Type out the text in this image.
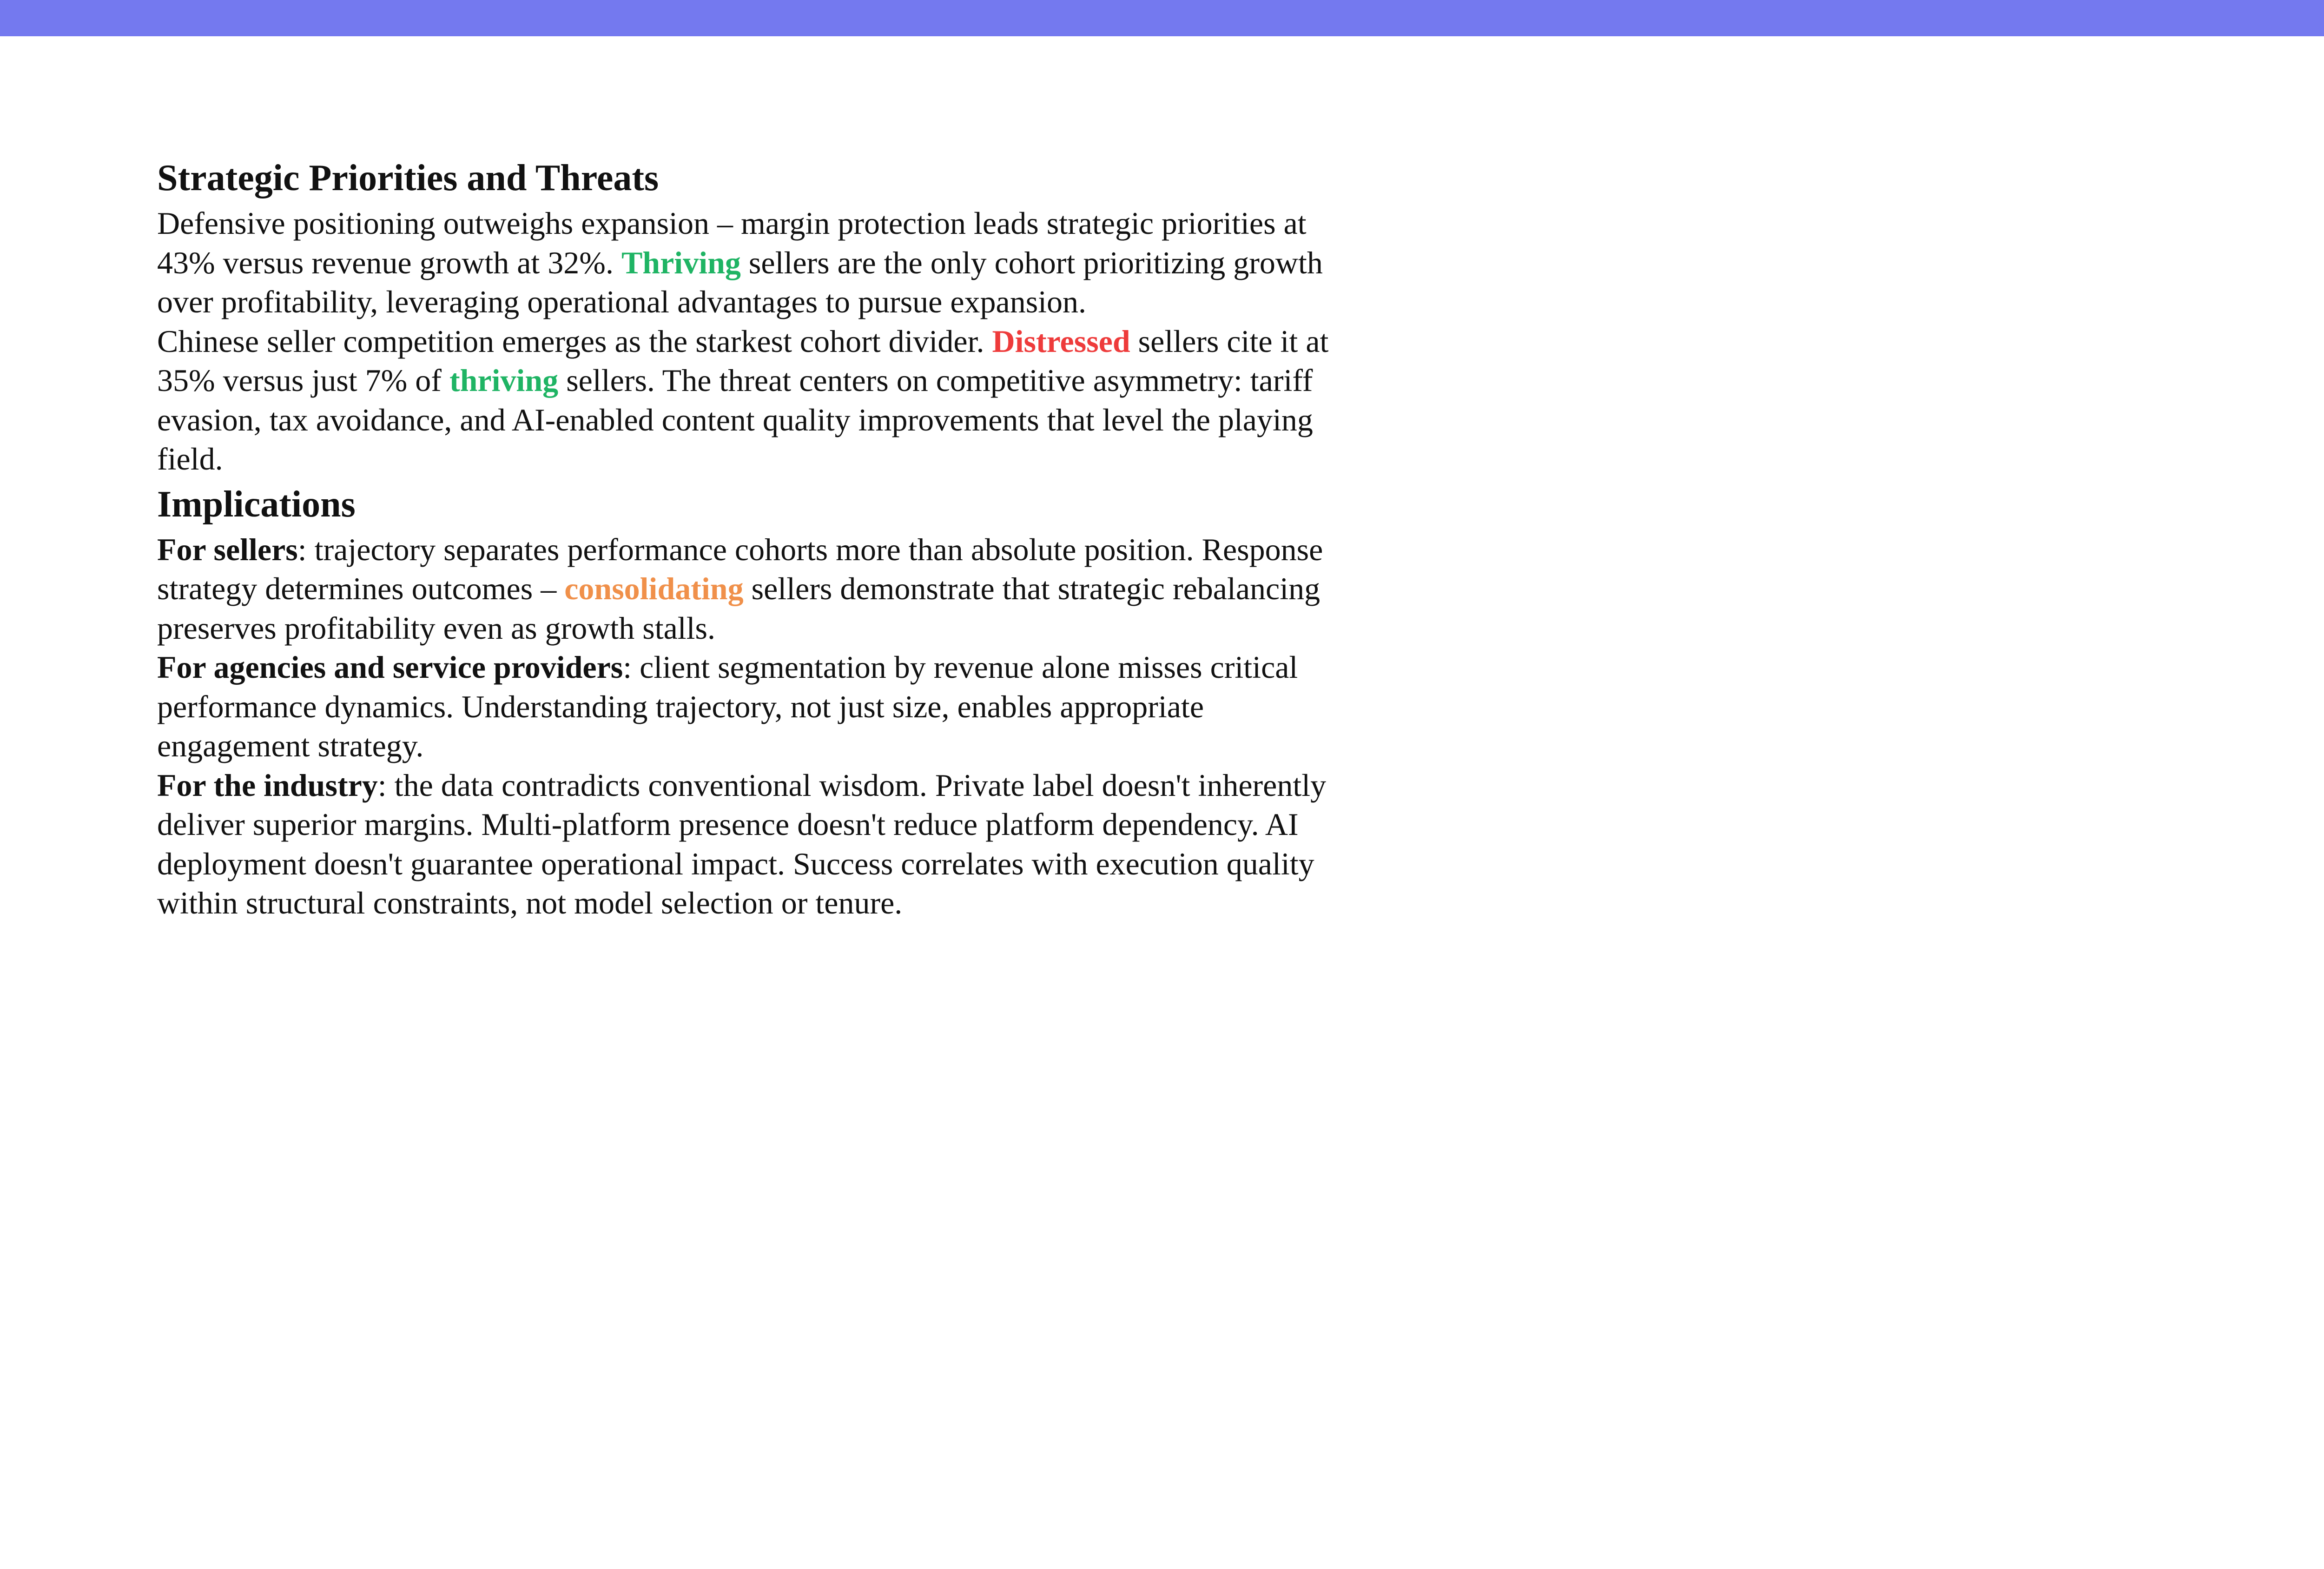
Strategic Priorities and Threats

Defensive positioning outweighs expansion – margin protection leads strategic priorities at 43% versus revenue growth at 32%. Thriving sellers are the only cohort prioritizing growth over profitability, leveraging operational advantages to pursue expansion.

Chinese seller competition emerges as the starkest cohort divider. Distressed sellers cite it at 35% versus just 7% of thriving sellers. The threat centers on competitive asymmetry: tariff evasion, tax avoidance, and AI-enabled content quality improvements that level the playing field.

Implications

For sellers: trajectory separates performance cohorts more than absolute position. Response strategy determines outcomes – consolidating sellers demonstrate that strategic rebalancing preserves profitability even as growth stalls.

For agencies and service providers: client segmentation by revenue alone misses critical performance dynamics. Understanding trajectory, not just size, enables appropriate engagement strategy.

For the industry: the data contradicts conventional wisdom. Private label doesn't inherently deliver superior margins. Multi-platform presence doesn't reduce platform dependency. AI deployment doesn't guarantee operational impact. Success correlates with execution quality within structural constraints, not model selection or tenure.
